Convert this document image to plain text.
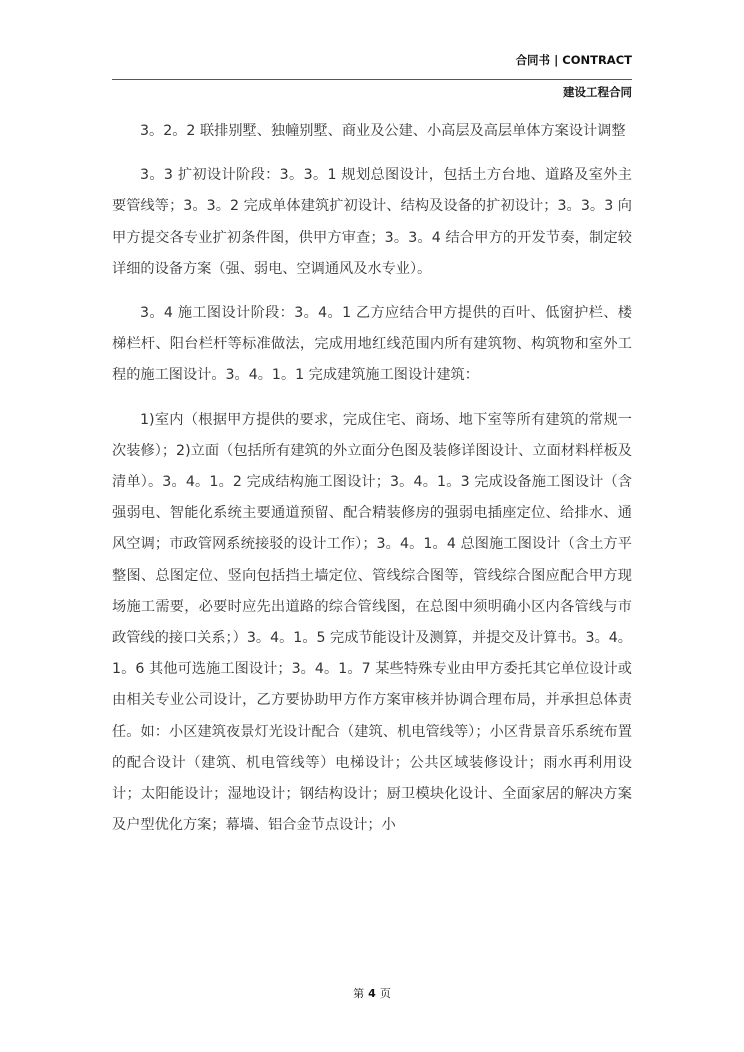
合同书 | CONTRACT
建设工程合同

3。2。2 联排别墅、独幢别墅、商业及公建、小高层及高层单体方案设计调整

3。3 扩初设计阶段：3。3。1 规划总图设计，包括土方台地、道路及室外主要管线等；3。3。2 完成单体建筑扩初设计、结构及设备的扩初设计；3。3。3 向甲方提交各专业扩初条件图，供甲方审查；3。3。4 结合甲方的开发节奏，制定较详细的设备方案（强、弱电、空调通风及水专业）。

3。4 施工图设计阶段：3。4。1 乙方应结合甲方提供的百叶、低窗护栏、楼梯栏杆、阳台栏杆等标准做法，完成用地红线范围内所有建筑物、构筑物和室外工程的施工图设计。3。4。1。1 完成建筑施工图设计建筑：

1)室内（根据甲方提供的要求，完成住宅、商场、地下室等所有建筑的常规一次装修）；2)立面（包括所有建筑的外立面分色图及装修详图设计、立面材料样板及清单）。3。4。1。2 完成结构施工图设计；3。4。1。3 完成设备施工图设计（含强弱电、智能化系统主要通道预留、配合精装修房的强弱电插座定位、给排水、通风空调；市政管网系统接驳的设计工作）；3。4。1。4 总图施工图设计（含土方平整图、总图定位、竖向包括挡土墙定位、管线综合图等，管线综合图应配合甲方现场施工需要，必要时应先出道路的综合管线图，在总图中须明确小区内各管线与市政管线的接口关系；）3。4。1。5 完成节能设计及测算，并提交及计算书。3。4。1。6 其他可选施工图设计；3。4。1。7 某些特殊专业由甲方委托其它单位设计或由相关专业公司设计，乙方要协助甲方作方案审核并协调合理布局，并承担总体责任。如：小区建筑夜景灯光设计配合（建筑、机电管线等）；小区背景音乐系统布置的配合设计（建筑、机电管线等）电梯设计；公共区域装修设计；雨水再利用设计；太阳能设计；湿地设计；钢结构设计；厨卫模块化设计、全面家居的解决方案及户型优化方案；幕墙、铝合金节点设计；小

第 4 页
